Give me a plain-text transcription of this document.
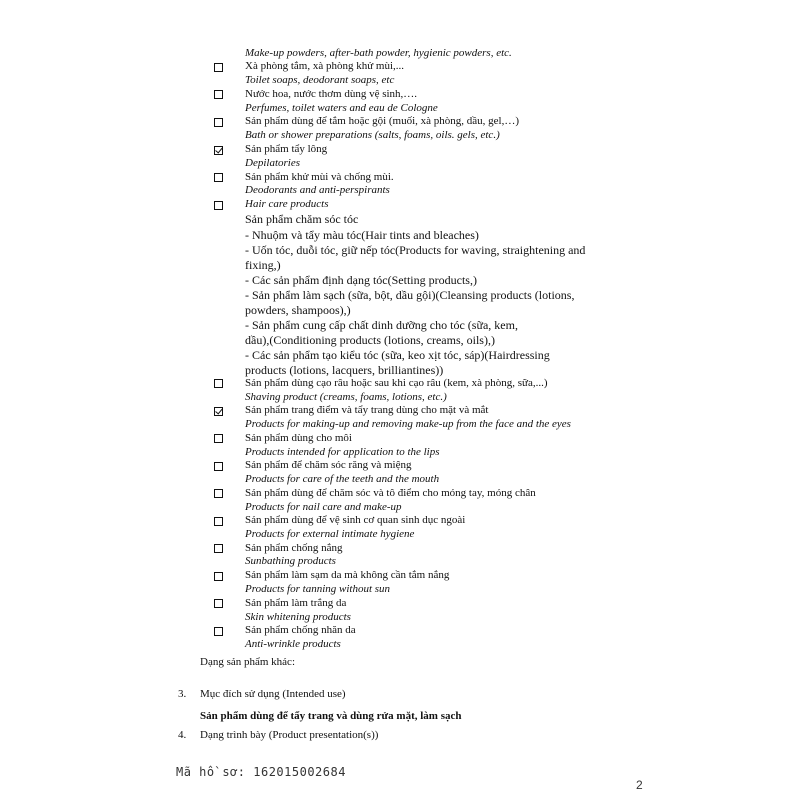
Make-up powders, after-bath powder, hygienic powders, etc.
Xà phòng tắm, xà phòng khử mùi,...
Toilet soaps, deodorant soaps, etc
Nước hoa, nước thơm dùng vệ sinh,….
Perfumes, toilet waters and eau de Cologne
Sản phẩm dùng để tắm hoặc gội (muối, xà phòng, dầu, gel,…)
Bath or shower preparations (salts, foams, oils. gels, etc.)
Sản phẩm tẩy lông
Depilatories
Sản phẩm khử mùi và chống mùi.
Deodorants and anti-perspirants
Hair care products
Sản phẩm chăm sóc tóc
- Nhuộm và tẩy màu tóc(Hair tints and bleaches)
- Uốn tóc, duỗi tóc, giữ nếp tóc(Products for waving, straightening and
fixing,)
- Các sản phẩm định dạng tóc(Setting products,)
- Sản phẩm làm sạch (sữa, bột, dầu gội)(Cleansing products (lotions,
powders, shampoos),)
- Sản phẩm cung cấp chất dinh dưỡng cho tóc (sữa, kem,
dầu),(Conditioning products (lotions, creams, oils),)
- Các sản phẩm tạo kiểu tóc (sữa, keo xịt tóc, sáp)(Hairdressing
products (lotions, lacquers, brilliantines))
Sản phẩm dùng cạo râu hoặc sau khi cạo râu (kem, xà phòng, sữa,...)
Shaving product (creams, foams, lotions, etc.)
Sản phẩm trang điểm và tẩy trang dùng cho mặt và mắt
Products for making-up and removing make-up from the face and the eyes
Sản phẩm dùng cho môi
Products intended for application to the lips
Sản phẩm để chăm sóc răng và miệng
Products for care of the teeth and the mouth
Sản phẩm dùng để chăm sóc và tô điểm cho móng tay, móng chân
Products for nail care and make-up
Sản phẩm dùng để vệ sinh cơ quan sinh dục ngoài
Products for external intimate hygiene
Sản phẩm chống nắng
Sunbathing products
Sản phẩm làm sạm da mà không cần tắm nắng
Products for tanning without sun
Sản phẩm làm trắng da
Skin whitening products
Sản phẩm chống nhăn da
Anti-wrinkle products
Dạng sản phẩm khác:
3. Mục đích sử dụng (Intended use)
Sản phẩm dùng để tẩy trang và dùng rửa mặt, làm sạch
4. Dạng trình bày (Product presentation(s))
Mã hồ sơ: 162015002684
2
